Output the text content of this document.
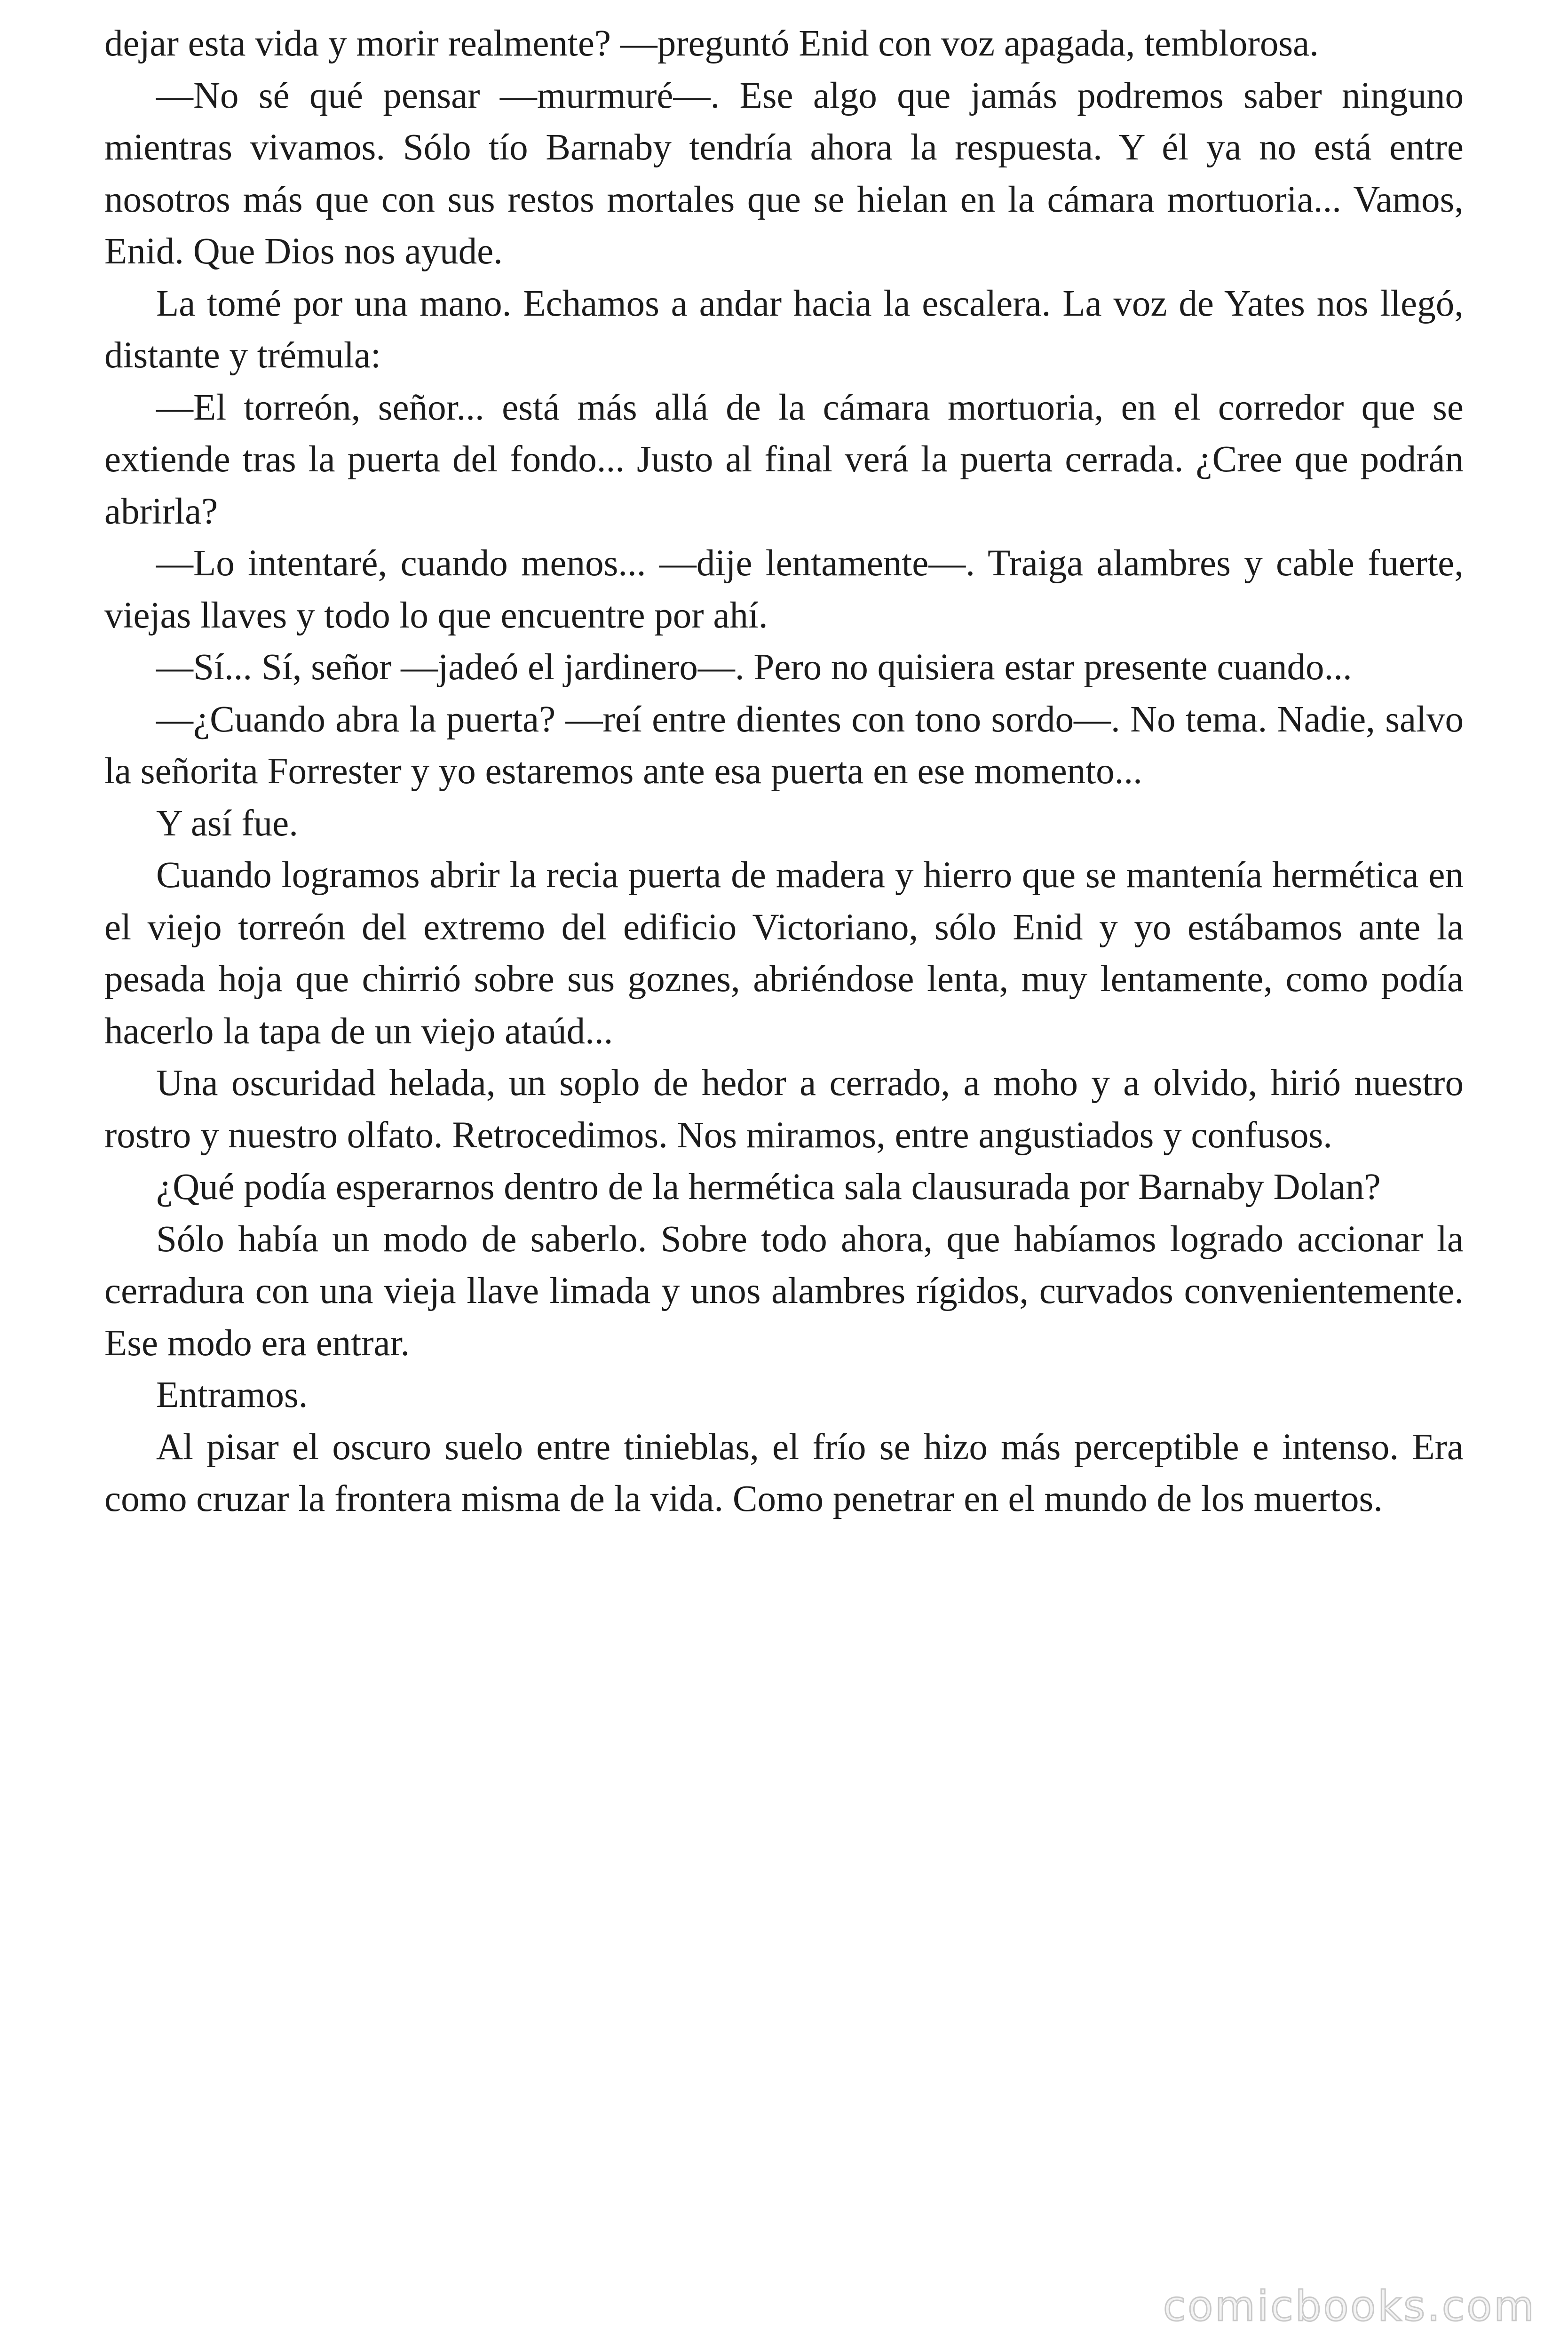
dejar esta vida y morir realmente? —preguntó Enid con voz apagada, temblorosa.

—No sé qué pensar —murmuré—. Ese algo que jamás podremos saber ninguno mientras vivamos. Sólo tío Barnaby tendría ahora la respuesta. Y él ya no está entre nosotros más que con sus restos mortales que se hielan en la cámara mortuoria... Vamos, Enid. Que Dios nos ayude.

La tomé por una mano. Echamos a andar hacia la escalera. La voz de Yates nos llegó, distante y trémula:

—El torreón, señor... está más allá de la cámara mortuoria, en el corredor que se extiende tras la puerta del fondo... Justo al final verá la puerta cerrada. ¿Cree que podrán abrirla?

—Lo intentaré, cuando menos... —dije lentamente—. Traiga alambres y cable fuerte, viejas llaves y todo lo que encuentre por ahí.

—Sí... Sí, señor —jadeó el jardinero—. Pero no quisiera estar presente cuando...

—¿Cuando abra la puerta? —reí entre dientes con tono sordo—. No tema. Nadie, salvo la señorita Forrester y yo estaremos ante esa puerta en ese momento...

Y así fue.

Cuando logramos abrir la recia puerta de madera y hierro que se mantenía hermética en el viejo torreón del extremo del edificio Victoriano, sólo Enid y yo estábamos ante la pesada hoja que chirrió sobre sus goznes, abriéndose lenta, muy lentamente, como podía hacerlo la tapa de un viejo ataúd...

Una oscuridad helada, un soplo de hedor a cerrado, a moho y a olvido, hirió nuestro rostro y nuestro olfato. Retrocedimos. Nos miramos, entre angustiados y confusos.

¿Qué podía esperarnos dentro de la hermética sala clausurada por Barnaby Dolan?

Sólo había un modo de saberlo. Sobre todo ahora, que habíamos logrado accionar la cerradura con una vieja llave limada y unos alambres rígidos, curvados convenientemente. Ese modo era entrar.

Entramos.

Al pisar el oscuro suelo entre tinieblas, el frío se hizo más perceptible e intenso. Era como cruzar la frontera misma de la vida. Como penetrar en el mundo de los muertos.

comicbooks.com
